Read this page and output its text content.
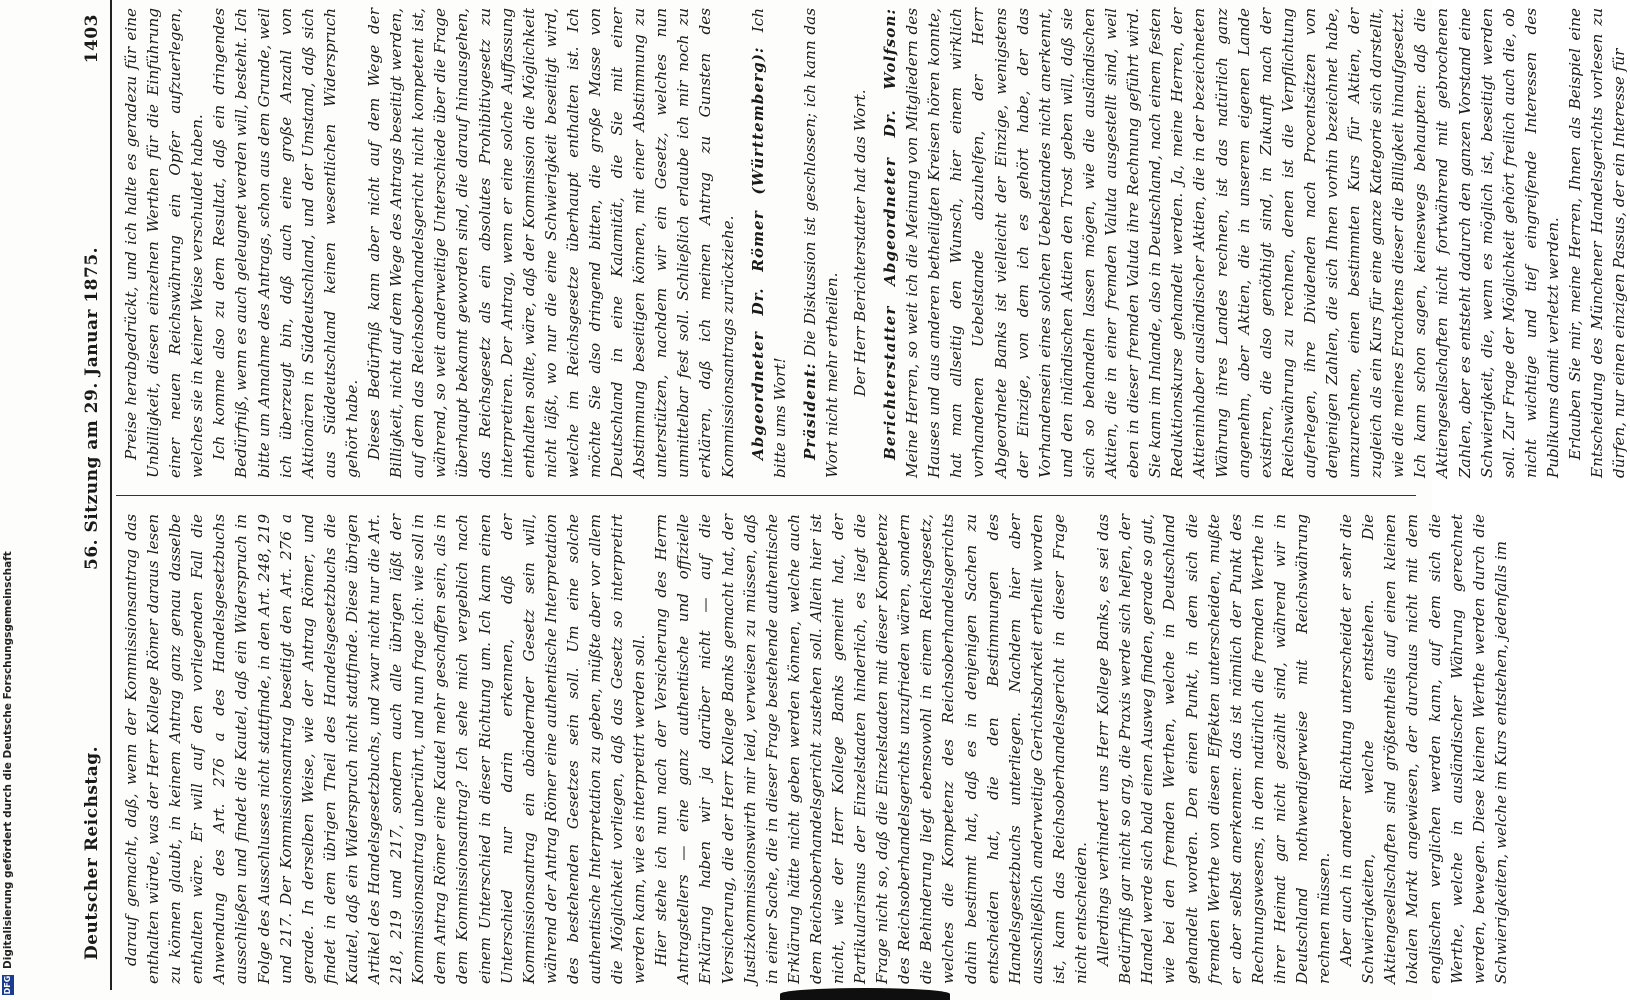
Deutscher Reichstag.
56. Sitzung am 29. Januar 1875.
1403

darauf gemacht, daß, wenn der Kommissionsantrag das enthalten würde, was der Herr Kollege Römer daraus lesen zu können glaubt, in keinem Antrag ganz genau dasselbe enthalten wäre. Er will auf den vorliegenden Fall die Anwendung des Art. 276 a des Handelsgesetzbuchs ausschließen und findet die Kautel, daß ein Widerspruch in Folge des Ausschlusses nicht stattfinde, in den Art. 248, 219 und 217. Der Kommissionsantrag beseitigt den Art. 276 a gerade. In derselben Weise, wie der Antrag Römer, und findet in dem übrigen Theil des Handelsgesetzbuchs die Kautel, daß ein Widerspruch nicht stattfinde. Diese übrigen Artikel des Handelsgesetzbuchs, und zwar nicht nur die Art. 218, 219 und 217, sondern auch alle übrigen läßt der Kommissionsantrag unberührt, und nun frage ich: wie soll in dem Antrag Römer eine Kautel mehr geschaffen sein, als in dem Kommissionsantrag? Ich sehe mich vergeblich nach einem Unterschied in dieser Richtung um. Ich kann einen Unterschied nur darin erkennen, daß der Kommissionsantrag ein abändernder Gesetz sein will, während der Antrag Römer eine authentische Interpretation des bestehenden Gesetzes sein soll. Um eine solche authentische Interpretation zu geben, müßte aber vor allem die Möglichkeit vorliegen, daß das Gesetz so interpretirt werden kann, wie es interpretirt werden soll. Hier stehe ich nun nach der Versicherung des Herrn Antragstellers — eine ganz authentische und offizielle Erklärung haben wir ja darüber nicht — auf die Versicherung, die der Herr Kollege Banks gemacht hat, der Justizkommissionswirth mir leid, verweisen zu müssen, daß in einer Sache, die in dieser Frage bestehende authentische Erklärung hätte nicht geben werden können, welche auch dem Reichsoberhandelsgericht zustehen soll. Allein hier ist nicht, wie der Herr Kollege Banks gemeint hat, der Partikularismus der Einzelstaaten hinderlich, es liegt die Frage nicht so, daß die Einzelstaaten mit dieser Kompetenz des Reichsoberhandelsgerichts unzufrieden wären, sondern die Behinderung liegt ebensowohl in einem Reichsgesetz, welches die Kompetenz des Reichsoberhandelsgerichts dahin bestimmt hat, daß es in denjenigen Sachen zu entscheiden hat, die den Bestimmungen des Handelsgesetzbuchs unterliegen. Nachdem hier aber ausschließlich anderweitige Gerichtsbarkeit ertheilt worden ist, kann das Reichsoberhandelsgericht in dieser Frage nicht entscheiden. Allerdings verhindert uns Herr Kollege Banks, es sei das Bedürfniß gar nicht so arg, die Praxis werde sich helfen, der Handel werde sich bald einen Ausweg finden, gerade so gut, wie bei den fremden Werthen, welche in Deutschland gehandelt worden. Den einen Punkt, in dem sich die fremden Werthe von diesen Effekten unterscheiden, mußte er aber selbst anerkennen: das ist nämlich der Punkt des Rechnungswesens, in dem natürlich die fremden Werthe in ihrer Heimat gar nicht gezählt sind, während wir in Deutschland nothwendigerweise mit Reichswährung rechnen müssen. Aber auch in anderer Richtung unterscheidet er sehr die Schwierigkeiten, welche entstehen. Die Aktiengesellschaften sind größtentheils auf einen kleinen lokalen Markt angewiesen, der durchaus nicht mit dem englischen verglichen werden kann, auf dem sich die Werthe, welche in ausländischer Währung gerechnet werden, bewegen. Diese kleinen Werthe werden durch die Schwierigkeiten, welche im Kurs entstehen, jedenfalls im

Preise herabgedrückt, und ich halte es geradezu für eine Unbilligkeit, diesen einzelnen Werthen für die Einführung einer neuen Reichswährung ein Opfer aufzuerlegen, welches sie in keiner Weise verschuldet haben. Ich komme also zu dem Resultat, daß ein dringendes Bedürfniß, wenn es auch geleugnet werden will, besteht. Ich bitte um Annahme des Antrags, schon aus dem Grunde, weil ich überzeugt bin, daß auch eine große Anzahl von Aktionären in Süddeutschland, und der Umstand, daß sich aus Süddeutschland keinen wesentlichen Widerspruch gehört habe. Dieses Bedürfniß kann aber nicht auf dem Wege der Billigkeit, nicht auf dem Wege des Antrags beseitigt werden, auf dem das Reichsoberhandelsgericht nicht kompetent ist, während, so weit anderweitige Unterschiede über die Frage überhaupt bekannt geworden sind, die darauf hinausgehen, das Reichsgesetz als ein absolutes Prohibitivgesetz zu interpretiren. Der Antrag, wenn er eine solche Auffassung enthalten sollte, wäre, daß der Kommission die Möglichkeit nicht läßt, wo nur die eine Schwierigkeit beseitigt wird, welche im Reichsgesetze überhaupt enthalten ist. Ich möchte Sie also dringend bitten, die große Masse von Deutschland in eine Kalamität, die Sie mit einer Abstimmung beseitigen können, mit einer Abstimmung zu unterstützen, nachdem wir ein Gesetz, welches nun unmittelbar fest soll. Schließlich erlaube ich mir noch zu erklären, daß ich meinen Antrag zu Gunsten des Kommissionsantrags zurückziehe. Abgeordneter Dr. Römer (Württemberg): Ich bitte ums Wort! Präsident: Die Diskussion ist geschlossen; ich kann das Wort nicht mehr ertheilen. Der Herr Berichterstatter hat das Wort. Berichterstatter Abgeordneter Dr. Wolfson: Meine Herren, so weit ich die Meinung von Mitgliedern des Hauses und aus anderen betheiligten Kreisen hören konnte, hat man allseitig den Wunsch, hier einem wirklich vorhandenen Uebelstande abzuhelfen, der Herr Abgeordnete Banks ist vielleicht der Einzige, wenigstens der Einzige, von dem ich es gehört habe, der das Vorhandensein eines solchen Uebelstandes nicht anerkennt, und den inländischen Aktien den Trost geben will, daß sie sich so behandeln lassen mögen, wie die ausländischen Aktien, die in einer fremden Valuta ausgestellt sind, weil eben in dieser fremden Valuta ihre Rechnung geführt wird. Sie kann im Inlande, also in Deutschland, nach einem festen Reduktionskurse gehandelt werden. Ja, meine Herren, der Aktieninhaber ausländischer Aktien, die in der bezeichneten Währung ihres Landes rechnen, ist das natürlich ganz angenehm, aber Aktien, die in unserem eigenen Lande existiren, die also genöthigt sind, in Zukunft nach der Reichswährung zu rechnen, denen ist die Verpflichtung auferlegen, ihre Dividenden nach Procentsätzen von denjenigen Zahlen, die sich Ihnen vorhin bezeichnet habe, umzurechnen, einen bestimmten Kurs für Aktien, der zugleich als ein Kurs für eine ganze Kategorie sich darstellt, wie die meines Erachtens dieser die Billigkeit hinaufgesetzt. Ich kann schon sagen, keineswegs behaupten: daß die Aktiengesellschaften nicht fortwährend mit gebrochenen Zahlen, aber es entsteht dadurch den ganzen Vorstand eine Schwierigkeit, die, wenn es möglich ist, beseitigt werden soll. Zur Frage der Möglichkeit gehört freilich auch die, ob nicht wichtige und tief eingreifende Interessen des Publikums damit verletzt werden. Erlauben Sie mir, meine Herren, Ihnen als Beispiel eine Entscheidung des Münchener Handelsgerichts vorlesen zu dürfen, nur einen einzigen Passus, der ein Interesse für

DFG
Digitalisierung gefördert durch die Deutsche Forschungsgemeinschaft
